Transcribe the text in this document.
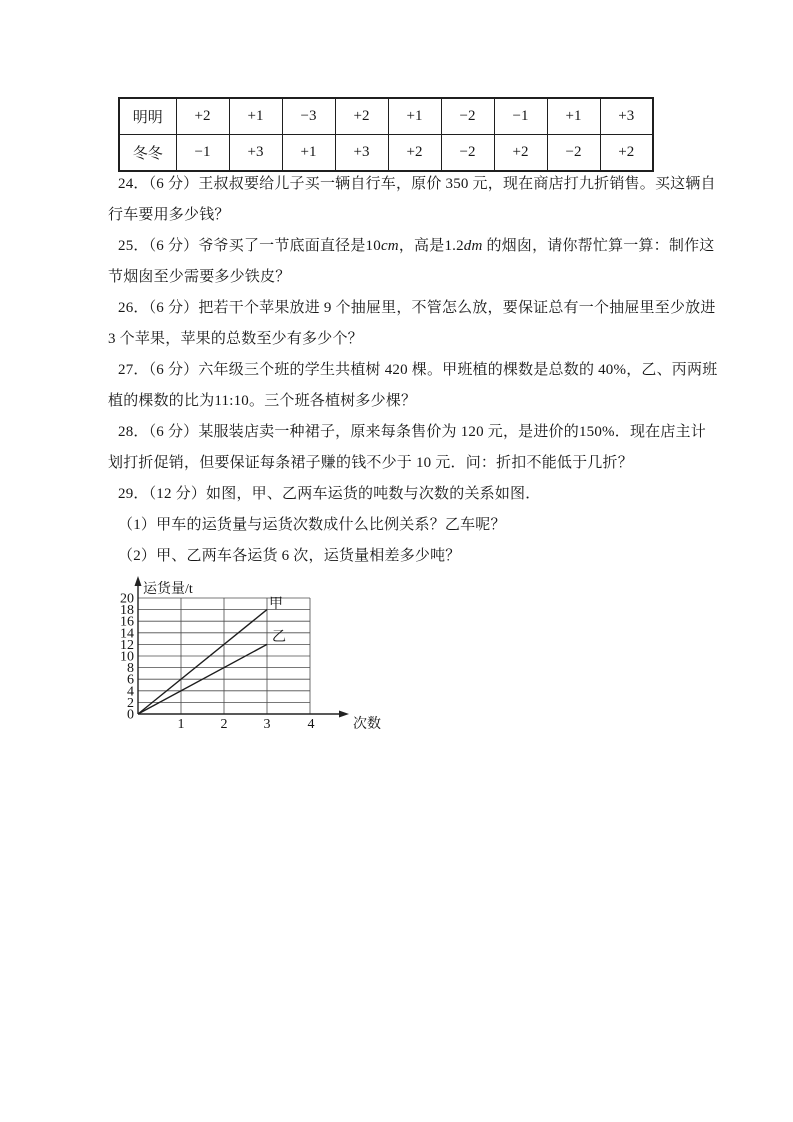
明明	+2	+1	−3	+2	+1	−2	−1	+1	+3
冬冬	−1	+3	+1	+3	+2	−2	+2	−2	+2
24．（6 分）王叔叔要给儿子买一辆自行车，原价 350 元，现在商店打九折销售。买这辆自
行车要用多少钱？
25．（6 分）爷爷买了一节底面直径是10cm，高是1.2dm 的烟囱，请你帮忙算一算：制作这
节烟囱至少需要多少铁皮？
26．（6 分）把若干个苹果放进 9 个抽屉里，不管怎么放，要保证总有一个抽屉里至少放进
3 个苹果，苹果的总数至少有多少个？
27．（6 分）六年级三个班的学生共植树 420 棵。甲班植的棵数是总数的 40%，乙、丙两班
植的棵数的比为11:10。三个班各植树多少棵？
28．（6 分）某服装店卖一种裙子，原来每条售价为 120 元，是进价的150%．现在店主计
划打折促销，但要保证每条裙子赚的钱不少于 10 元．问：折扣不能低于几折？
29．（12 分）如图，甲、乙两车运货的吨数与次数的关系如图．
（1）甲车的运货量与运货次数成什么比例关系？乙车呢？
（2）甲、乙两车各运货 6 次，运货量相差多少吨？
甲
乙
20
18
16
14
12
10
8
6
4
2
0
1	2	3	4
运货量/t
次数
